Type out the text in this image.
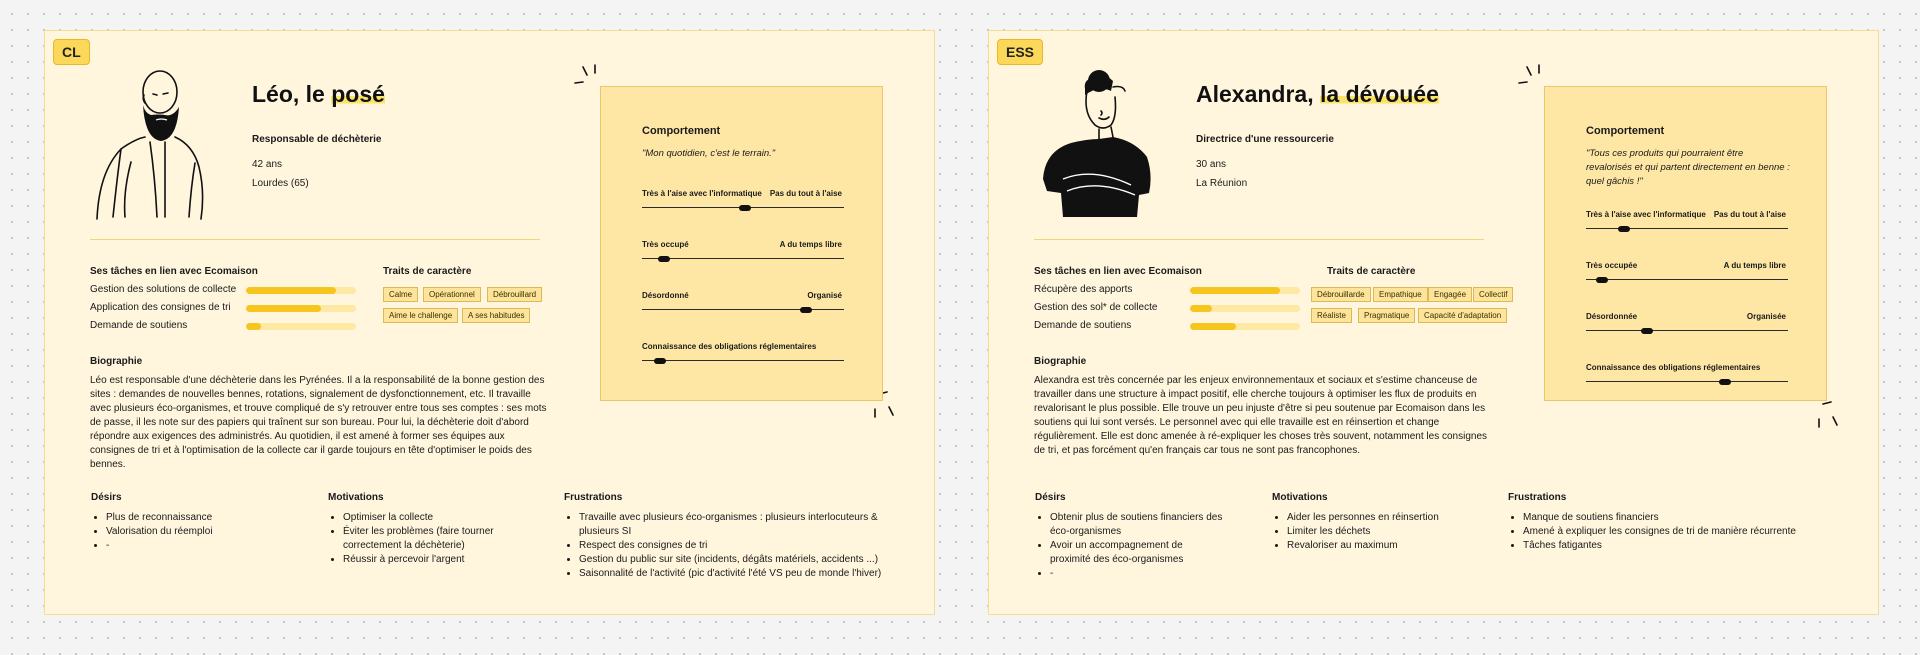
CL
Léo, le posé
Responsable de déchèterie
42 ans
Lourdes (65)
Ses tâches en lien avec Ecomaison
Gestion des solutions de collecte
Application des consignes de tri
Demande de soutiens
Traits de caractère
Calme	Opérationnel	Débrouillard
Aime le challenge	A ses habitudes
Biographie
Léo est responsable d'une déchèterie dans les Pyrénées. Il a la responsabilité de la bonne gestion des sites : demandes de nouvelles bennes, rotations, signalement de dysfonctionnement, etc. Il travaille avec plusieurs éco-organismes, et trouve compliqué de s'y retrouver entre tous ses comptes : ses mots de passe, il les note sur des papiers qui traînent sur son bureau. Pour lui, la déchèterie doit d'abord répondre aux exigences des administrés. Au quotidien, il est amené à former ses équipes aux consignes de tri et à l'optimisation de la collecte car il garde toujours en tête d'optimiser le poids des bennes.
Désirs
• Plus de reconnaissance
• Valorisation du réemploi
• -
Motivations
• Optimiser la collecte
• Éviter les problèmes (faire tourner correctement la déchèterie)
• Réussir à percevoir l'argent
Frustrations
• Travaille avec plusieurs éco-organismes : plusieurs interlocuteurs & plusieurs SI
• Respect des consignes de tri
• Gestion du public sur site (incidents, dégâts matériels, accidents ...)
• Saisonnalité de l'activité (pic d'activité l'été VS peu de monde l'hiver)
Comportement
"Mon quotidien, c'est le terrain."
Très à l'aise avec l'informatique Pas du tout à l'aise
Très occupé	A du temps libre
Désordonné	Organisé
Connaissance des obligations réglementaires
ESS
Alexandra, la dévouée
Directrice d'une ressourcerie
30 ans
La Réunion
Ses tâches en lien avec Ecomaison
Récupère des apports
Gestion des sol* de collecte
Demande de soutiens
Traits de caractère
Débrouillarde	Empathique	Engagée	Collectif
Réaliste	Pragmatique	Capacité d'adaptation
Biographie
Alexandra est très concernée par les enjeux environnementaux et sociaux et s'estime chanceuse de travailler dans une structure à impact positif, elle cherche toujours à optimiser les flux de produits en revalorisant le plus possible. Elle trouve un peu injuste d'être si peu soutenue par Ecomaison dans les soutiens qui lui sont versés. Le personnel avec qui elle travaille est en réinsertion et change régulièrement. Elle est donc amenée à ré-expliquer les choses très souvent, notamment les consignes de tri, et pas forcément qu'en français car tous ne sont pas francophones.
Désirs
• Obtenir plus de soutiens financiers des éco-organismes
• Avoir un accompagnement de proximité des éco-organismes
• -
Motivations
• Aider les personnes en réinsertion
• Limiter les déchets
• Revaloriser au maximum
Frustrations
• Manque de soutiens financiers
• Amené à expliquer les consignes de tri de manière récurrente
• Tâches fatigantes
Comportement
"Tous ces produits qui pourraient être revalorisés et qui partent directement en benne : quel gâchis !"
Très à l'aise avec l'informatique Pas du tout à l'aise
Très occupée	A du temps libre
Désordonnée	Organisée
Connaissance des obligations réglementaires
